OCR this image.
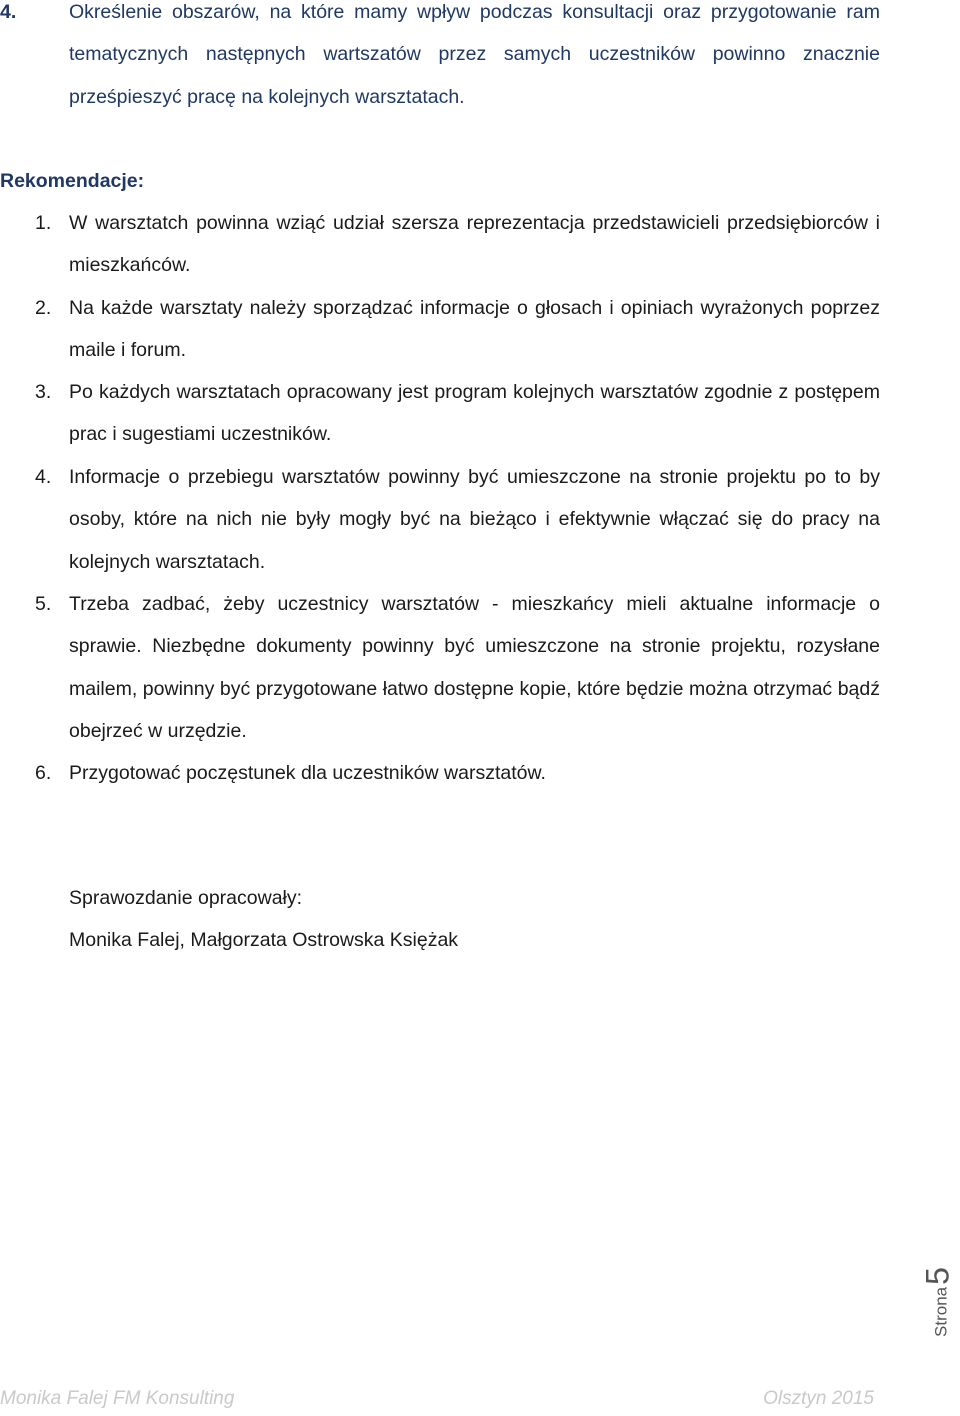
4.	Określenie obszarów, na które mamy wpływ podczas konsultacji oraz przygotowanie ram tematycznych następnych wartszatów przez samych uczestników powinno znacznie prześpieszyć pracę na kolejnych warsztatach.
Rekomendacje:
1. W warsztatch powinna wziąć udział szersza reprezentacja przedstawicieli przedsiębiorców i mieszkańców.
2. Na każde warsztaty należy sporządzać informacje o głosach i opiniach wyrażonych poprzez maile i forum.
3. Po każdych warsztatach opracowany jest program kolejnych warsztatów zgodnie z postępem prac i sugestiami uczestników.
4. Informacje o przebiegu warsztatów powinny być umieszczone na stronie projektu po to by osoby, które na nich nie były mogły być na bieżąco i efektywnie włączać się do pracy na kolejnych warsztatach.
5. Trzeba zadbać, żeby uczestnicy warsztatów - mieszkańcy mieli aktualne informacje o sprawie. Niezbędne dokumenty powinny być umieszczone na stronie projektu, rozysłane mailem, powinny być przygotowane łatwo dostępne kopie, które będzie można otrzymać bądź obejrzeć w urzędzie.
6. Przygotować poczęstunek dla uczestników warsztatów.
Sprawozdanie opracowały:
Monika Falej, Małgorzata Ostrowska Księżak
Strona5
Monika Falej FM Konsulting	Olsztyn 2015
